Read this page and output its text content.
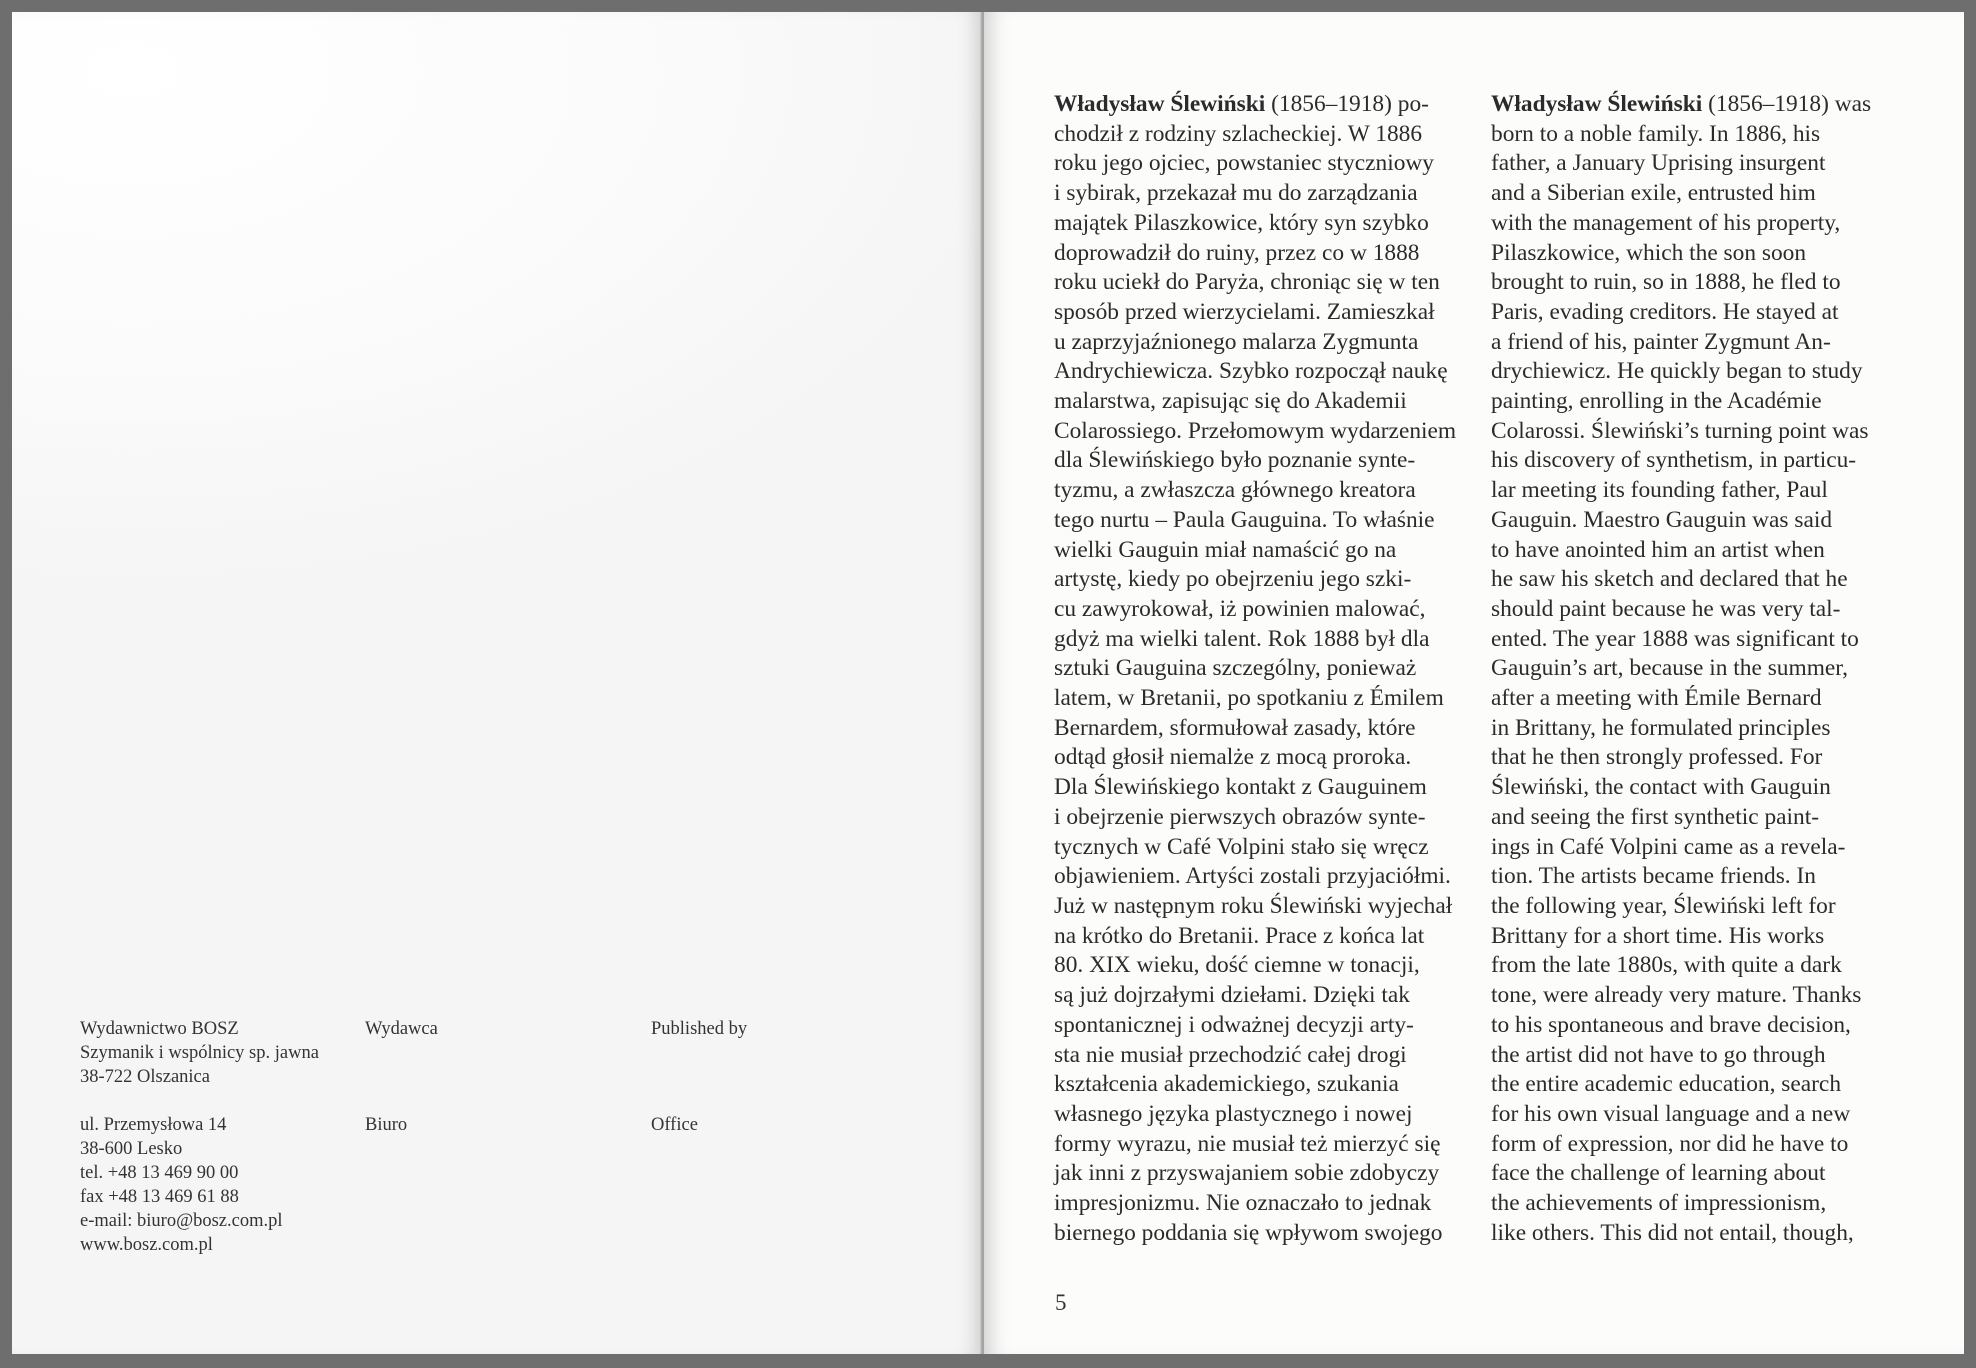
Wydawnictwo BOSZ
Szymanik i wspólnicy sp. jawna
38-722 Olszanica
Wydawca	Published by
ul. Przemysłowa 14
38-600 Lesko
tel. +48 13 469 90 00
fax +48 13 469 61 88
e-mail: biuro@bosz.com.pl
www.bosz.com.pl
Biuro	Office
Władysław Ślewiński (1856–1918) po-
chodził z rodziny szlacheckiej. W 1886
roku jego ojciec, powstaniec styczniowy
i sybirak, przekazał mu do zarządzania
majątek Pilaszkowice, który syn szybko
doprowadził do ruiny, przez co w 1888
roku uciekł do Paryża, chroniąc się w ten
sposób przed wierzycielami. Zamieszkał
u zaprzyjaźnionego malarza Zygmunta
Andrychiewicza. Szybko rozpoczął naukę
malarstwa, zapisując się do Akademii
Colarossiego. Przełomowym wydarzeniem
dla Ślewińskiego było poznanie synte-
tyzmu, a zwłaszcza głównego kreatora
tego nurtu – Paula Gauguina. To właśnie
wielki Gauguin miał namaścić go na
artystę, kiedy po obejrzeniu jego szki-
cu zawyrokował, iż powinien malować,
gdyż ma wielki talent. Rok 1888 był dla
sztuki Gauguina szczególny, ponieważ
latem, w Bretanii, po spotkaniu z Émilem
Bernardem, sformułował zasady, które
odtąd głosił niemalże z mocą proroka.
Dla Ślewińskiego kontakt z Gauguinem
i obejrzenie pierwszych obrazów synte-
tycznych w Café Volpini stało się wręcz
objawieniem. Artyści zostali przyjaciółmi.
Już w następnym roku Ślewiński wyjechał
na krótko do Bretanii. Prace z końca lat
80. XIX wieku, dość ciemne w tonacji,
są już dojrzałymi dziełami. Dzięki tak
spontanicznej i odważnej decyzji arty-
sta nie musiał przechodzić całej drogi
kształcenia akademickiego, szukania
własnego języka plastycznego i nowej
formy wyrazu, nie musiał też mierzyć się
jak inni z przyswajaniem sobie zdobyczy
impresjonizmu. Nie oznaczało to jednak
biernego poddania się wpływom swojego
Władysław Ślewiński (1856–1918) was
born to a noble family. In 1886, his
father, a January Uprising insurgent
and a Siberian exile, entrusted him
with the management of his property,
Pilaszkowice, which the son soon
brought to ruin, so in 1888, he fled to
Paris, evading creditors. He stayed at
a friend of his, painter Zygmunt An-
drychiewicz. He quickly began to study
painting, enrolling in the Académie
Colarossi. Ślewiński’s turning point was
his discovery of synthetism, in particu-
lar meeting its founding father, Paul
Gauguin. Maestro Gauguin was said
to have anointed him an artist when
he saw his sketch and declared that he
should paint because he was very tal-
ented. The year 1888 was significant to
Gauguin’s art, because in the summer,
after a meeting with Émile Bernard
in Brittany, he formulated principles
that he then strongly professed. For
Ślewiński, the contact with Gauguin
and seeing the first synthetic paint-
ings in Café Volpini came as a revela-
tion. The artists became friends. In
the following year, Ślewiński left for
Brittany for a short time. His works
from the late 1880s, with quite a dark
tone, were already very mature. Thanks
to his spontaneous and brave decision,
the artist did not have to go through
the entire academic education, search
for his own visual language and a new
form of expression, nor did he have to
face the challenge of learning about
the achievements of impressionism,
like others. This did not entail, though,
5
